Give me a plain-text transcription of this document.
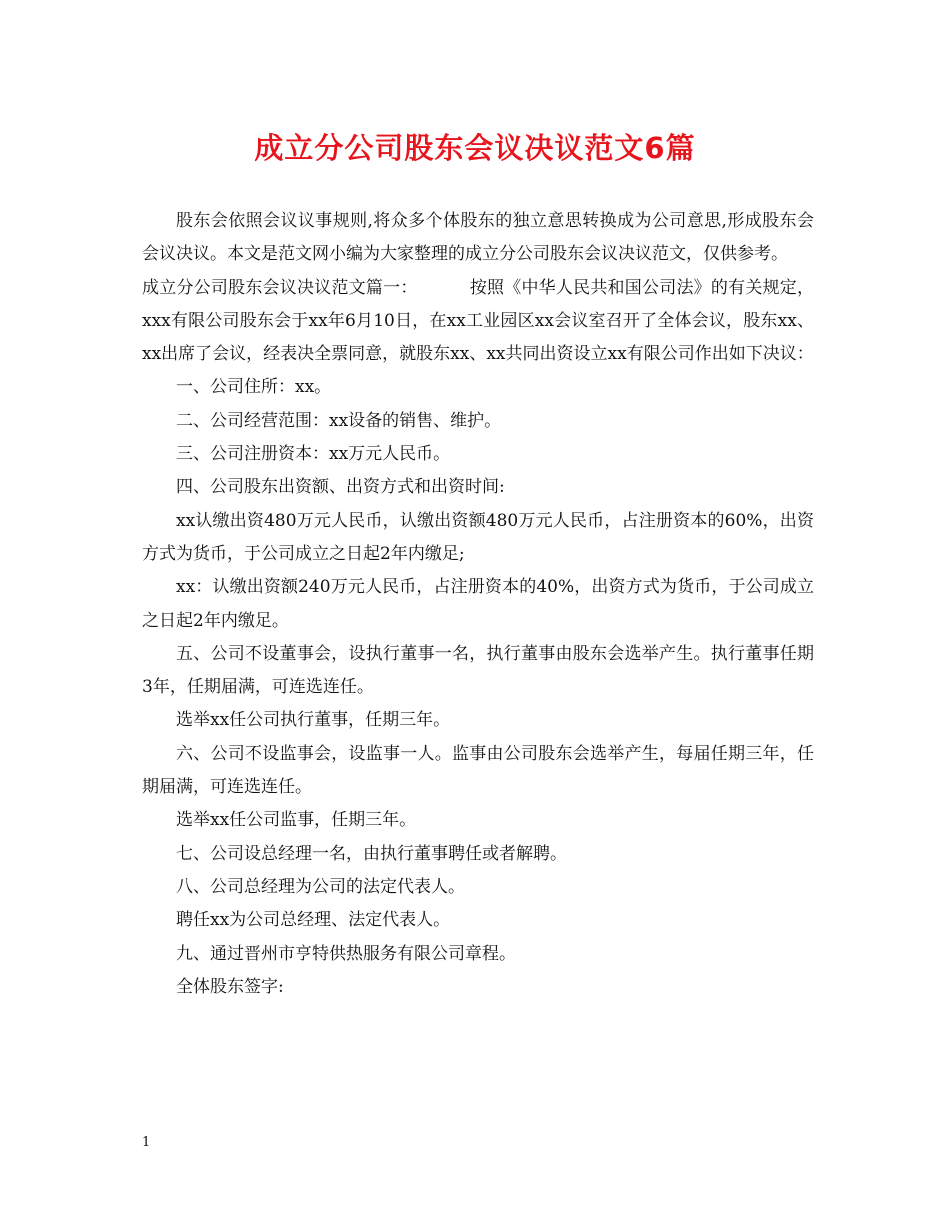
成立分公司股东会议决议范文6篇

股东会依照会议议事规则,将众多个体股东的独立意思转换成为公司意思,形成股东会会议决议。本文是范文网小编为大家整理的成立分公司股东会议决议范文，仅供参考。

成立分公司股东会议决议范文篇一：	按照《中华人民共和国公司法》的有关规定，xxx有限公司股东会于xx年6月10日，在xx工业园区xx会议室召开了全体会议，股东xx、xx出席了会议，经表决全票同意，就股东xx、xx共同出资设立xx有限公司作出如下决议：

一、公司住所：xx。

二、公司经营范围：xx设备的销售、维护。

三、公司注册资本：xx万元人民币。

四、公司股东出资额、出资方式和出资时间:

xx认缴出资480万元人民币，认缴出资额480万元人民币，占注册资本的60%，出资方式为货币，于公司成立之日起2年内缴足;

xx：认缴出资额240万元人民币，占注册资本的40%，出资方式为货币，于公司成立之日起2年内缴足。

五、公司不设董事会，设执行董事一名，执行董事由股东会选举产生。执行董事任期3年，任期届满，可连选连任。

选举xx任公司执行董事，任期三年。

六、公司不设监事会，设监事一人。监事由公司股东会选举产生，每届任期三年，任期届满，可连选连任。

选举xx任公司监事，任期三年。

七、公司设总经理一名，由执行董事聘任或者解聘。

八、公司总经理为公司的法定代表人。

聘任xx为公司总经理、法定代表人。

九、通过晋州市亨特供热服务有限公司章程。

全体股东签字:

1
